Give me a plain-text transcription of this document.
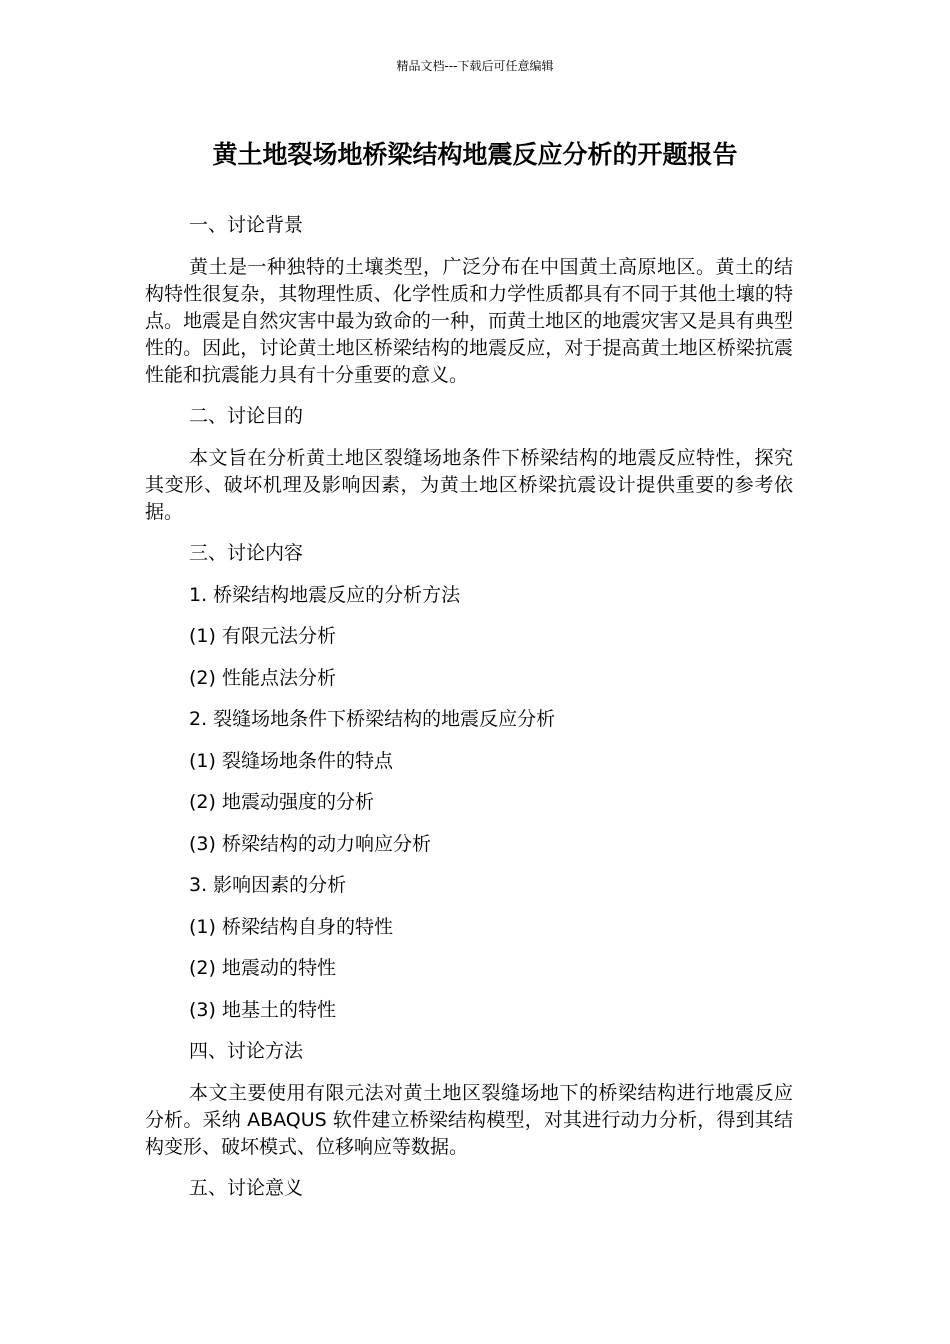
精品文档---下载后可任意编辑
黄土地裂场地桥梁结构地震反应分析的开题报告

一、讨论背景

黄土是一种独特的土壤类型，广泛分布在中国黄土高原地区。黄土的结构特性很复杂，其物理性质、化学性质和力学性质都具有不同于其他土壤的特点。地震是自然灾害中最为致命的一种，而黄土地区的地震灾害又是具有典型性的。因此，讨论黄土地区桥梁结构的地震反应，对于提高黄土地区桥梁抗震性能和抗震能力具有十分重要的意义。

二、讨论目的

本文旨在分析黄土地区裂缝场地条件下桥梁结构的地震反应特性，探究其变形、破坏机理及影响因素，为黄土地区桥梁抗震设计提供重要的参考依据。

三、讨论内容

1. 桥梁结构地震反应的分析方法

(1) 有限元法分析

(2) 性能点法分析

2. 裂缝场地条件下桥梁结构的地震反应分析

(1) 裂缝场地条件的特点

(2) 地震动强度的分析

(3) 桥梁结构的动力响应分析

3. 影响因素的分析

(1) 桥梁结构自身的特性

(2) 地震动的特性

(3) 地基土的特性

四、讨论方法

本文主要使用有限元法对黄土地区裂缝场地下的桥梁结构进行地震反应分析。采纳 ABAQUS 软件建立桥梁结构模型，对其进行动力分析，得到其结构变形、破坏模式、位移响应等数据。

五、讨论意义
